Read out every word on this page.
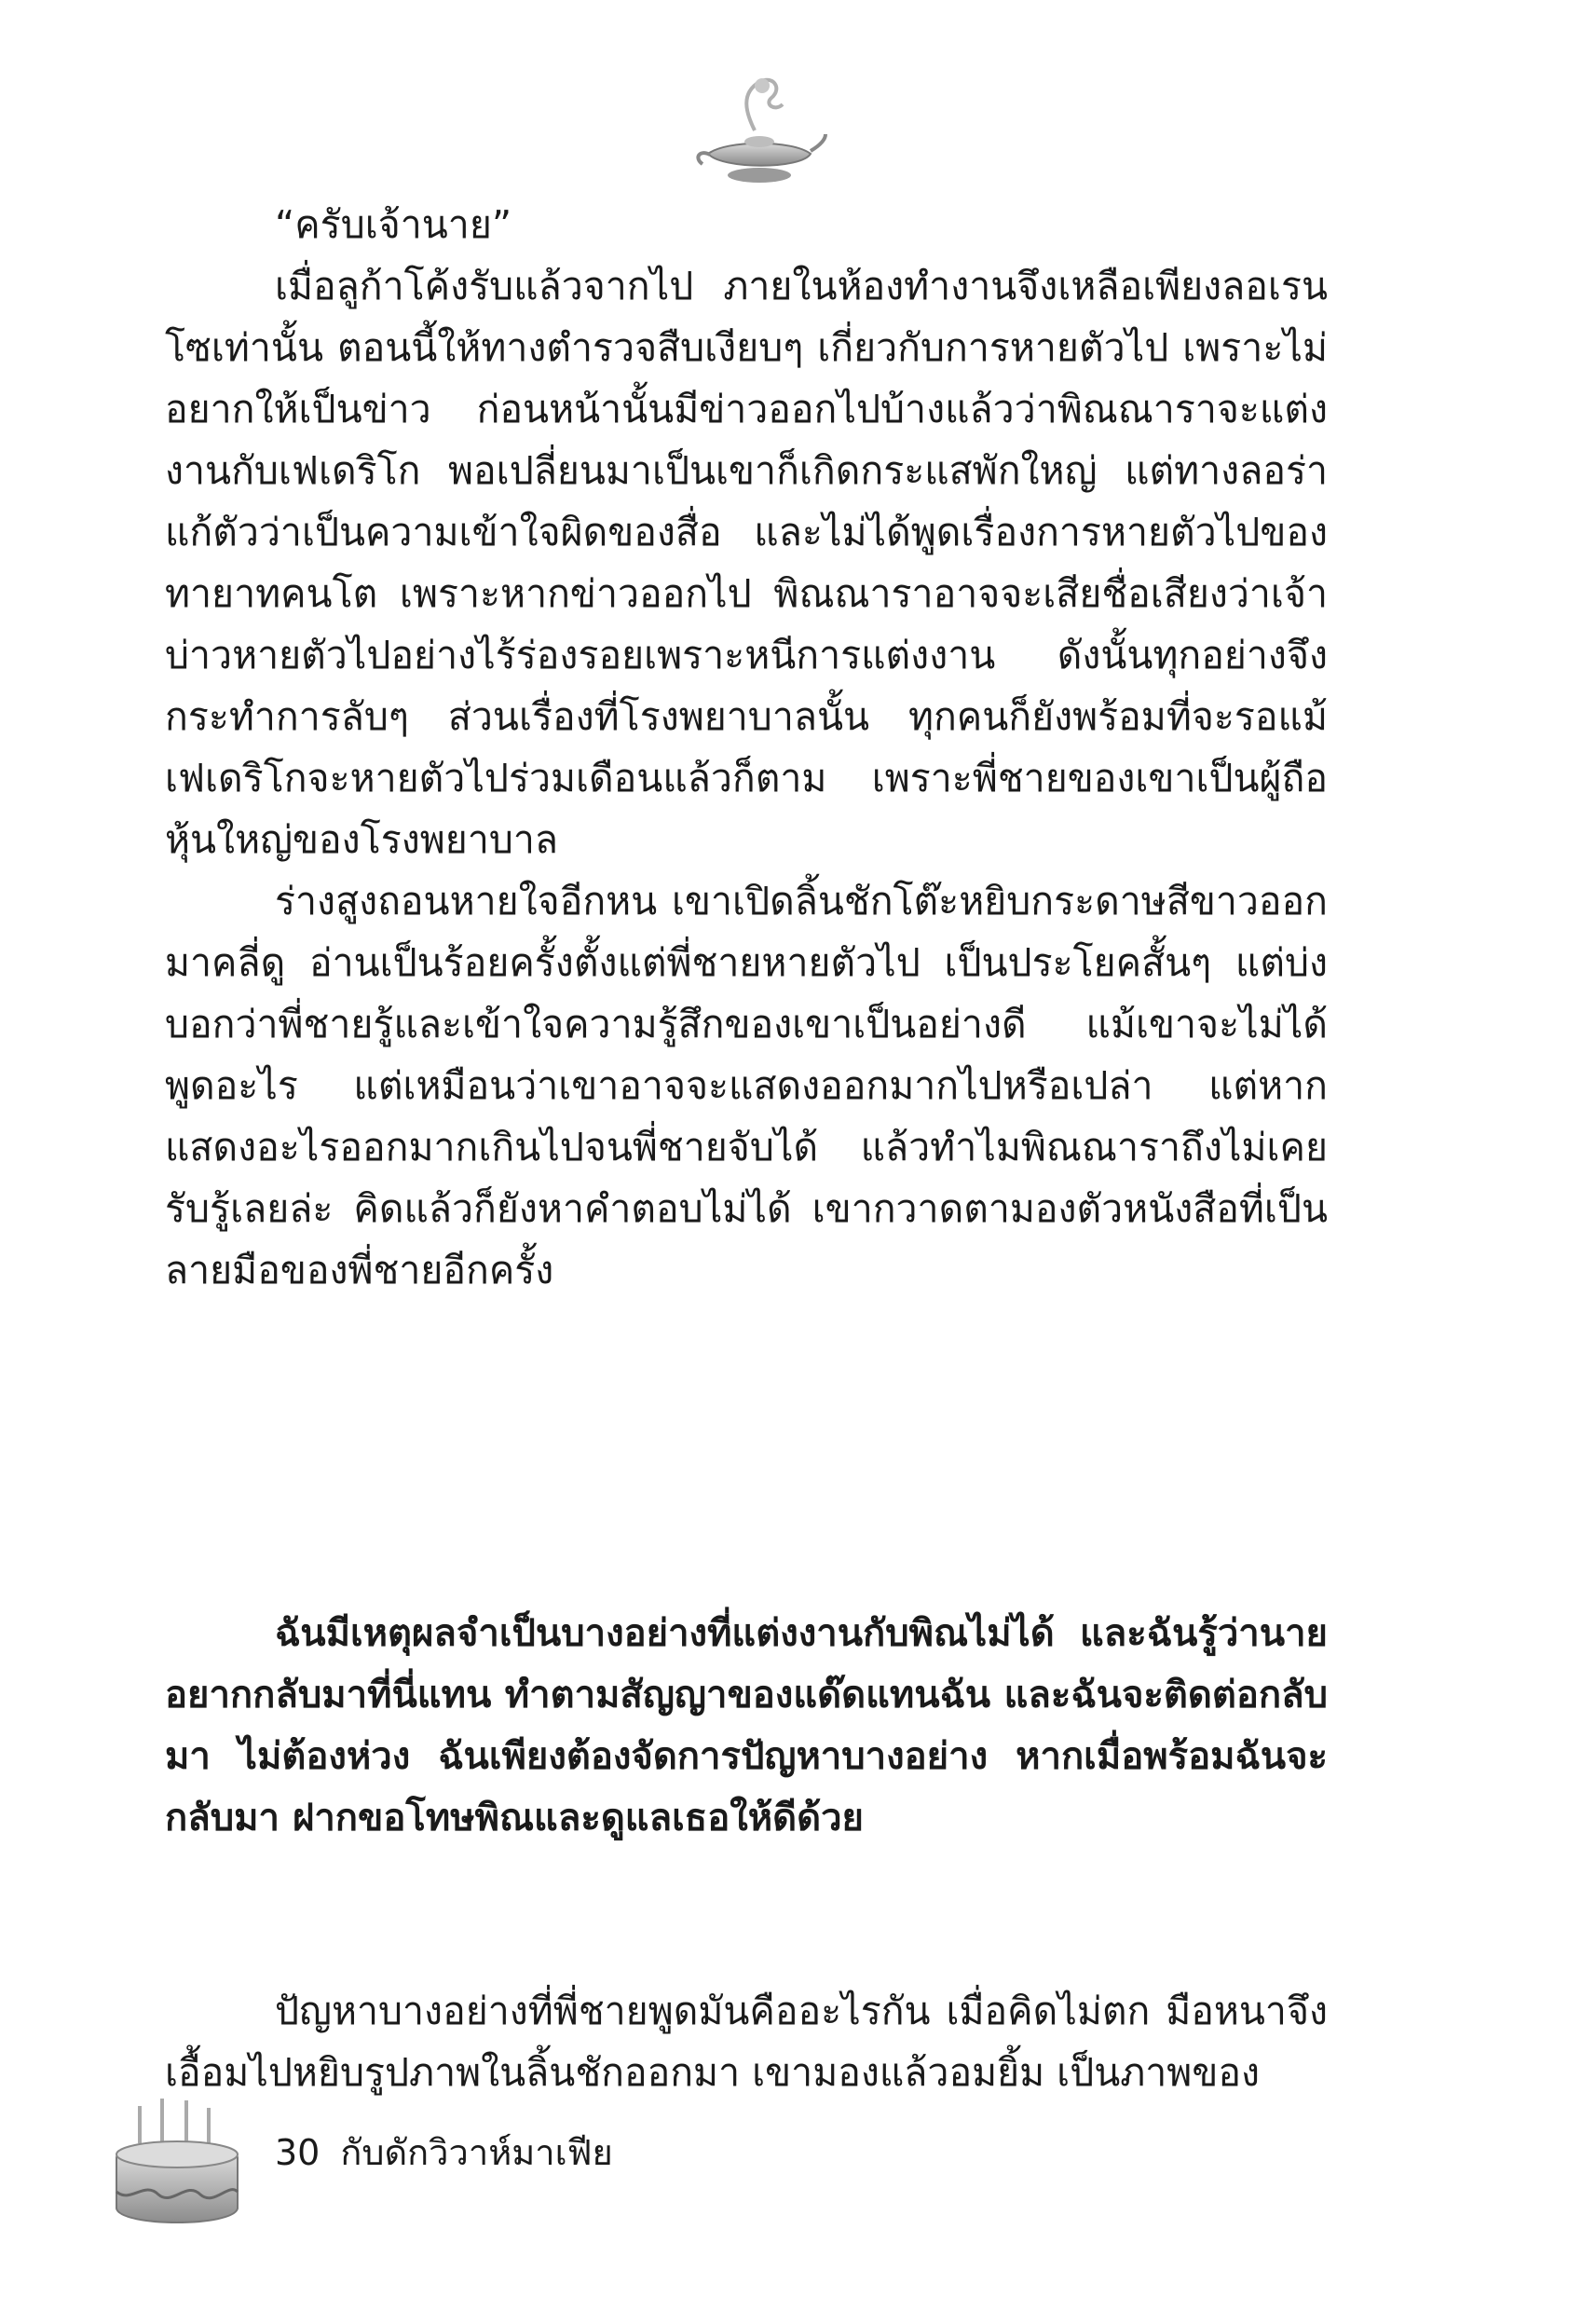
“ครับเจ้านาย”

เมื่อลูก้าโค้งรับแล้วจากไป ภายในห้องทำงานจึงเหลือเพียงลอเรนโซเท่านั้น ตอนนี้ให้ทางตำรวจสืบเงียบๆ เกี่ยวกับการหายตัวไป เพราะไม่อยากให้เป็นข่าว ก่อนหน้านั้นมีข่าวออกไปบ้างแล้วว่าพิณณาราจะแต่งงานกับเฟเดริโก พอเปลี่ยนมาเป็นเขาก็เกิดกระแสพักใหญ่ แต่ทางลอร่าแก้ตัวว่าเป็นความเข้าใจผิดของสื่อ และไม่ได้พูดเรื่องการหายตัวไปของทายาทคนโต เพราะหากข่าวออกไป พิณณาราอาจจะเสียชื่อเสียงว่าเจ้าบ่าวหายตัวไปอย่างไร้ร่องรอยเพราะหนีการแต่งงาน ดังนั้นทุกอย่างจึงกระทำการลับๆ ส่วนเรื่องที่โรงพยาบาลนั้น ทุกคนก็ยังพร้อมที่จะรอแม้เฟเดริโกจะหายตัวไปร่วมเดือนแล้วก็ตาม เพราะพี่ชายของเขาเป็นผู้ถือหุ้นใหญ่ของโรงพยาบาล

ร่างสูงถอนหายใจอีกหน เขาเปิดลิ้นชักโต๊ะหยิบกระดาษสีขาวออกมาคลี่ดู อ่านเป็นร้อยครั้งตั้งแต่พี่ชายหายตัวไป เป็นประโยคสั้นๆ แต่บ่งบอกว่าพี่ชายรู้และเข้าใจความรู้สึกของเขาเป็นอย่างดี แม้เขาจะไม่ได้พูดอะไร แต่เหมือนว่าเขาอาจจะแสดงออกมากไปหรือเปล่า แต่หากแสดงอะไรออกมากเกินไปจนพี่ชายจับได้ แล้วทำไมพิณณาราถึงไม่เคยรับรู้เลยล่ะ คิดแล้วก็ยังหาคำตอบไม่ได้ เขากวาดตามองตัวหนังสือที่เป็นลายมือของพี่ชายอีกครั้ง

ฉันมีเหตุผลจำเป็นบางอย่างที่แต่งงานกับพิณไม่ได้ และฉันรู้ว่านายอยากกลับมาที่นี่แทน ทำตามสัญญาของแด๊ดแทนฉัน และฉันจะติดต่อกลับมา ไม่ต้องห่วง ฉันเพียงต้องจัดการปัญหาบางอย่าง หากเมื่อพร้อมฉันจะกลับมา ฝากขอโทษพิณและดูแลเธอให้ดีด้วย

ปัญหาบางอย่างที่พี่ชายพูดมันคืออะไรกัน เมื่อคิดไม่ตก มือหนาจึงเอื้อมไปหยิบรูปภาพในลิ้นชักออกมา เขามองแล้วอมยิ้ม เป็นภาพของ

30 กับดักวิวาห์มาเฟีย
